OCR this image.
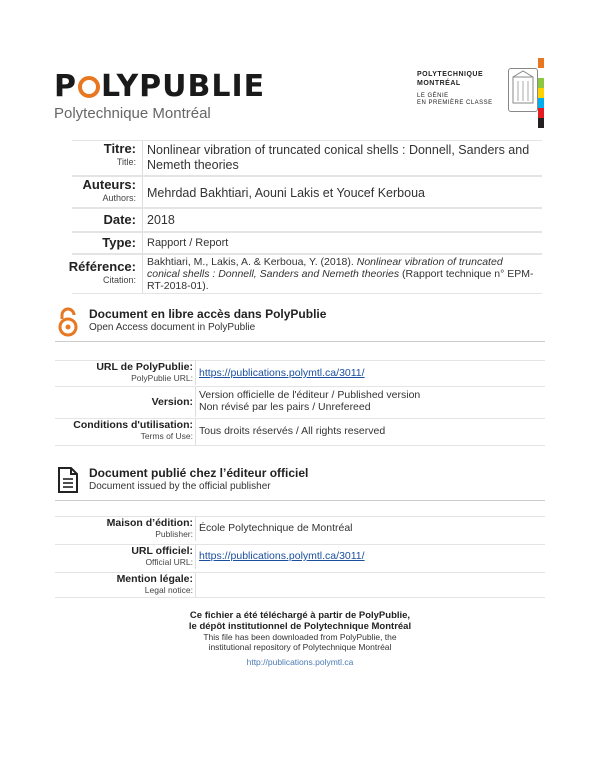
P LYPUBLIE
Polytechnique Montréal
POLYTECHNIQUE
MONTRÉAL
LE GÉNIE
EN PREMIÈRE CLASSE
Titre:
Title:
Nonlinear vibration of truncated conical shells : Donnell, Sanders and Nemeth theories
Auteurs:
Authors: Mehrdad Bakhtiari, Aouni Lakis et Youcef Kerboua
Date: 2018
Type:	Rapport / Report
Référence:
Citation:
Bakhtiari, M., Lakis, A. & Kerboua, Y. (2018). Nonlinear vibration of truncated conical shells : Donnell, Sanders and Nemeth theories (Rapport technique n° EPM-RT-2018-01).
Document en libre accès dans PolyPublie
Open Access document in PolyPublie
URL de PolyPublie:
PolyPublie URL: https://publications.polymtl.ca/3011/
Version:
Version officielle de l'éditeur / Published version
Non révisé par les pairs / Unrefereed
Conditions d'utilisation:
Terms of Use: Tous droits réservés / All rights reserved
Document publié chez l’éditeur officiel
Document issued by the official publisher
Maison d’édition:
Publisher: École Polytechnique de Montréal
URL officiel:
Official URL: https://publications.polymtl.ca/3011/
Mention légale:
Legal notice:
Ce fichier a été téléchargé à partir de PolyPublie,
le dépôt institutionnel de Polytechnique Montréal
This file has been downloaded from PolyPublie, the
institutional repository of Polytechnique Montréal
http://publications.polymtl.ca
